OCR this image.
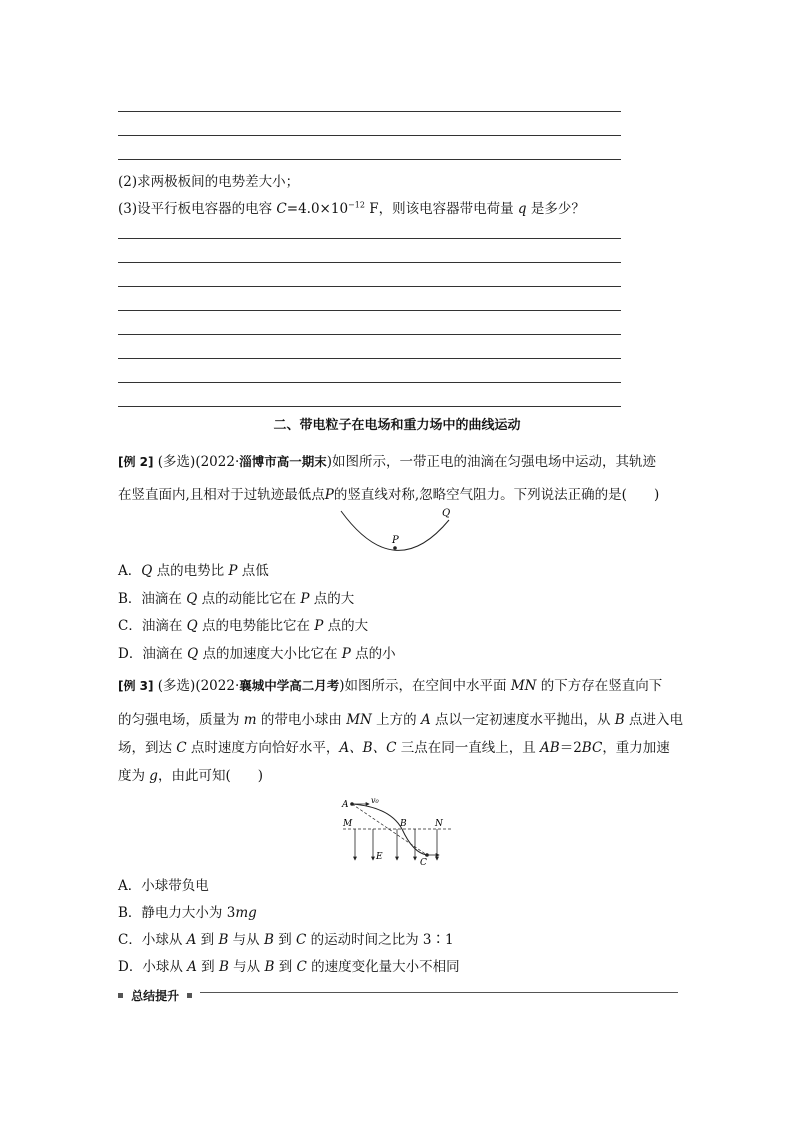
(2)求两极板间的电势差大小；
(3)设平行板电容器的电容 $C=4.0\times 10^{-12}$ F，则该电容器带电荷量 q 是多少？
二、带电粒子在电场和重力场中的曲线运动
[例 2] (多选)(2022·淄博市高一期末)如图所示，一带正电的油滴在匀强电场中运动，其轨迹
在竖直面内,且相对于过轨迹最低点P的竖直线对称,忽略空气阻力。下列说法正确的是(　　)
P
Q
A．Q 点的电势比 P 点低
B．油滴在 Q 点的动能比它在 P 点的大
C．油滴在 Q 点的电势能比它在 P 点的大
D．油滴在 Q 点的加速度大小比它在 P 点的小
[例 3] (多选)(2022·襄城中学高二月考)如图所示，在空间中水平面 MN 的下方存在竖直向下
的匀强电场，质量为 m 的带电小球由 MN 上方的 A 点以一定初速度水平抛出，从 B 点进入电
场，到达 C 点时速度方向恰好水平，A、B、C 三点在同一直线上，且 AB＝2BC，重力加速
度为 g，由此可知(　　)
A	v₀
M	B	N
E
C
A．小球带负电
B．静电力大小为 3mg
C．小球从 A 到 B 与从 B 到 C 的运动时间之比为 3∶1
D．小球从 A 到 B 与从 B 到 C 的速度变化量大小不相同
总结提升
